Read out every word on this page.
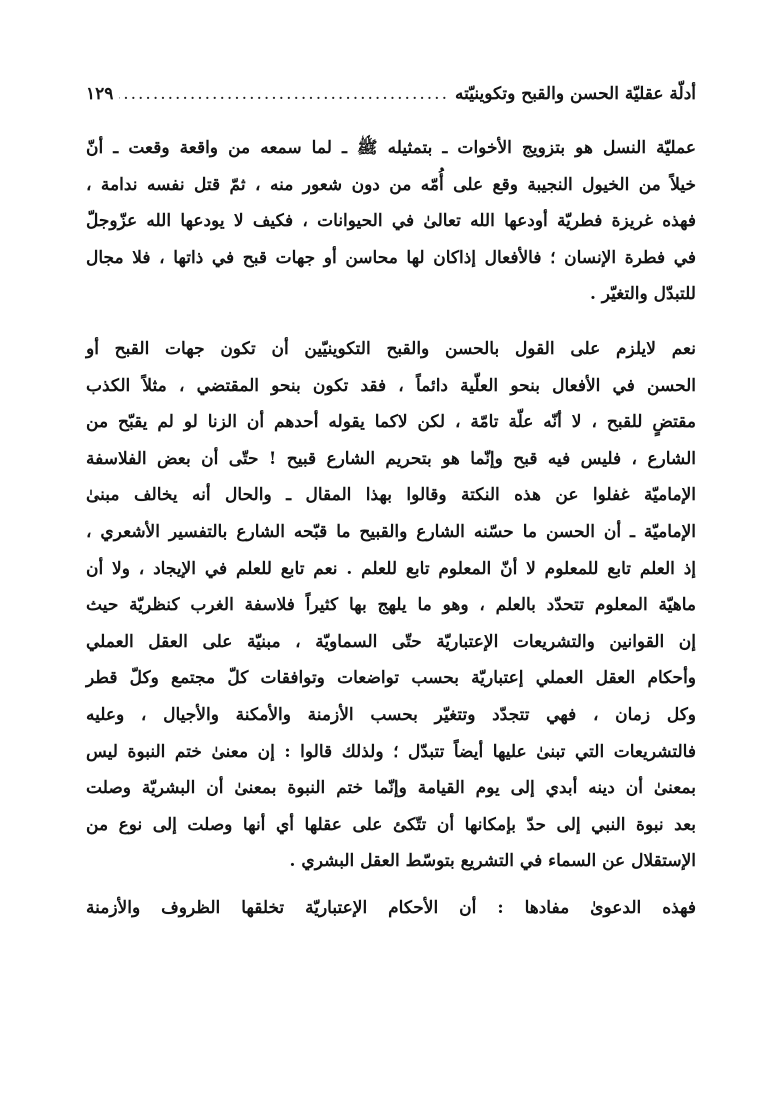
أدلّة عقليّة الحسن والقبح وتكوينيّته
.....
١٢٩
عمليّة النسل هو بتزويج الأخوات ـ بتمثيله ﷺ ـ لما سمعه من واقعة وقعت ـ أنّ
خيلاً من الخيول النجيبة وقع على أُمّه من دون شعور منه ، ثمّ قتل نفسه ندامة ،
فهذه غريزة فطريّة أودعها الله تعالىٰ في الحيوانات ، فكيف لا يودعها الله عزّوجلّ
في فطرة الإنسان ؛ فالأفعال إذاكان لها محاسن أو جهات قبح في ذاتها ، فلا مجال
للتبدّل والتغيّر .
نعم لايلزم على القول بالحسن والقبح التكوينيّين أن تكون جهات القبح أو
الحسن في الأفعال بنحو العلّية دائماً ، فقد تكون بنحو المقتضي ، مثلاً الكذب
مقتضٍ للقبح ، لا أنّه علّة تامّة ، لكن لاكما يقوله أحدهم أن الزنا لو لم يقبّح من
الشارع ، فليس فيه قبح وإنّما هو بتحريم الشارع قبيح ! حتّى أن بعض الفلاسفة
الإماميّة غفلوا عن هذه النكتة وقالوا بهذا المقال ـ والحال أنه يخالف مبنىٰ
الإماميّة ـ أن الحسن ما حسّنه الشارع والقبيح ما قبّحه الشارع بالتفسير الأشعري ،
إذ العلم تابع للمعلوم لا أنّ المعلوم تابع للعلم . نعم تابع للعلم في الإيجاد ، ولا أن
ماهيّة المعلوم تتحدّد بالعلم ، وهو ما يلهج بها كثيراً فلاسفة الغرب كنظريّة حيث
إن القوانين والتشريعات الإعتباريّة حتّى السماويّة ، مبنيّة على العقل العملي
وأحكام العقل العملي إعتباريّة بحسب تواضعات وتوافقات كلّ مجتمع وكلّ قطر
وكل زمان ، فهي تتجدّد وتتغيّر بحسب الأزمنة والأمكنة والأجيال ، وعليه
فالتشريعات التي تبنىٰ عليها أيضاً تتبدّل ؛ ولذلك قالوا : إن معنىٰ ختم النبوة ليس
بمعنىٰ أن دينه أبدي إلى يوم القيامة وإنّما ختم النبوة بمعنىٰ أن البشريّة وصلت
بعد نبوة النبي إلى حدّ بإمكانها أن تتّكئ على عقلها أي أنها وصلت إلى نوع من
الإستقلال عن السماء في التشريع بتوسّط العقل البشري .
فهذه الدعوىٰ مفادها : أن الأحكام الإعتباريّة تخلقها الظروف والأزمنة
